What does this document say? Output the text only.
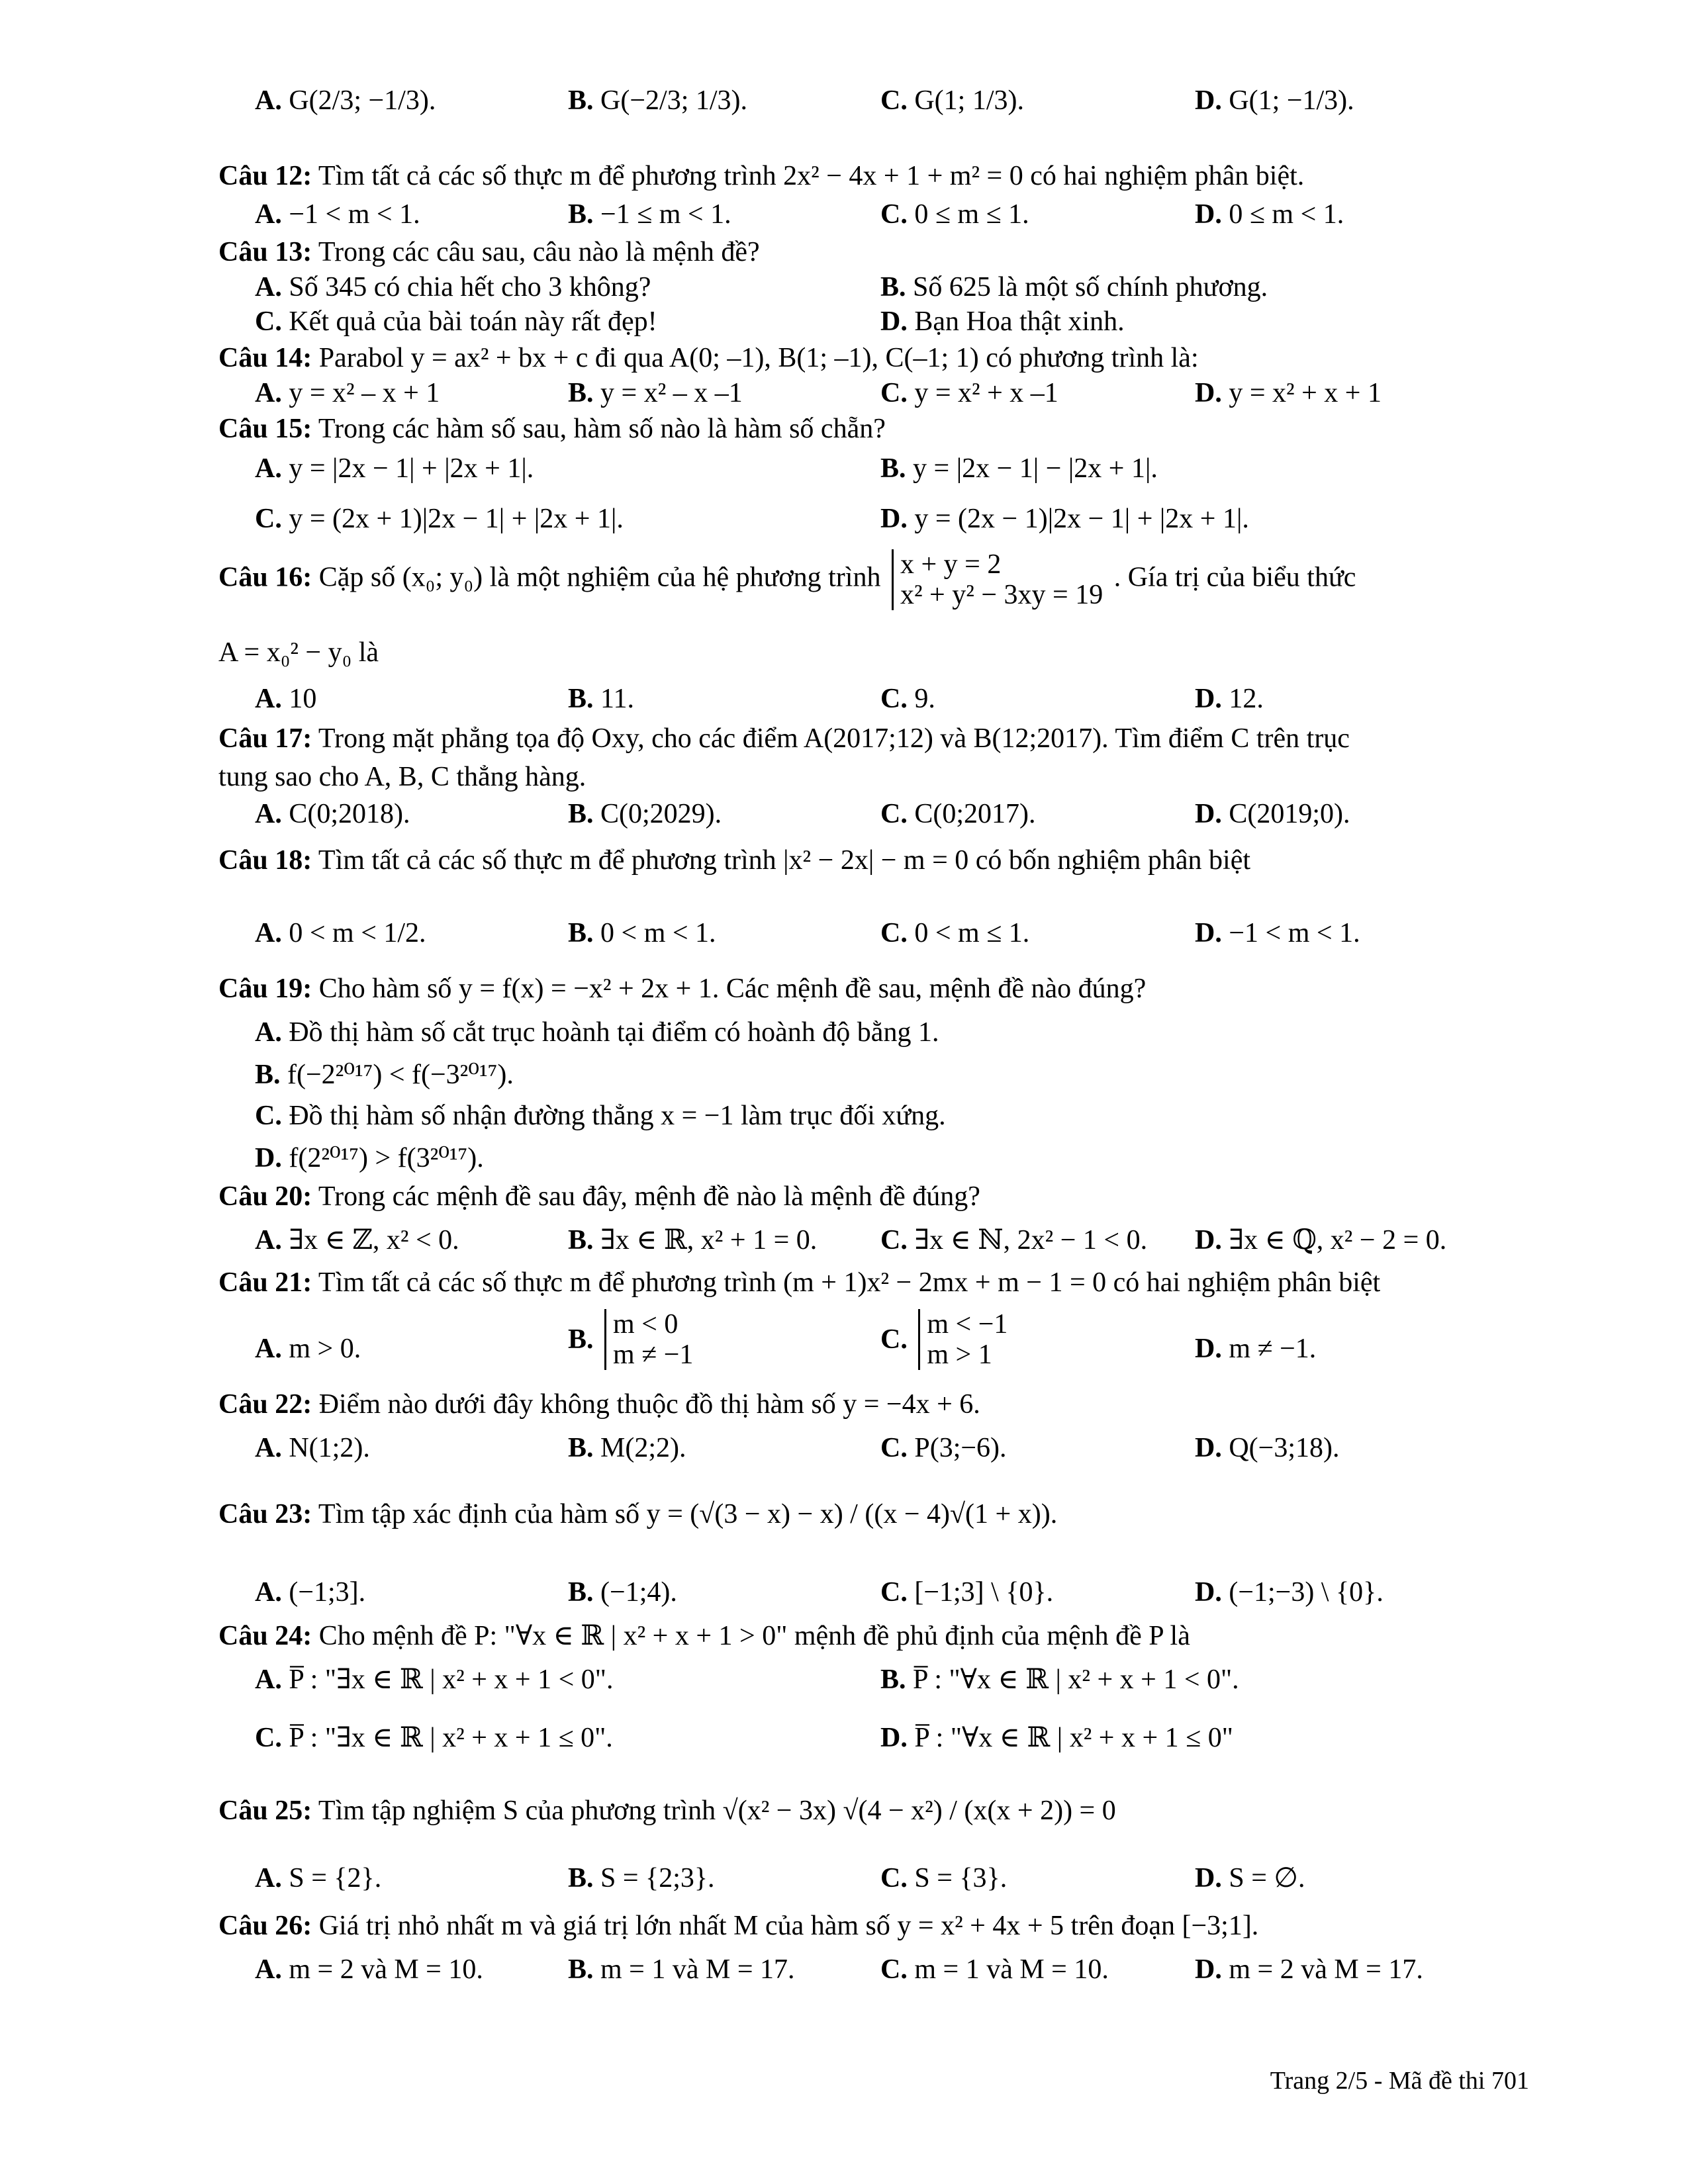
A. G(2/3; −1/3).	B. G(−2/3; 1/3).	C. G(1; 1/3).	D. G(1; −1/3).
Câu 12: Tìm tất cả các số thực m để phương trình 2x² − 4x + 1 + m² = 0 có hai nghiệm phân biệt.
A. −1 < m < 1.	B. −1 ≤ m < 1.	C. 0 ≤ m ≤ 1.	D. 0 ≤ m < 1.
Câu 13: Trong các câu sau, câu nào là mệnh đề?
A. Số 345 có chia hết cho 3 không?	B. Số 625 là một số chính phương.
C. Kết quả của bài toán này rất đẹp!	D. Bạn Hoa thật xinh.
Câu 14: Parabol y = ax² + bx + c đi qua A(0; –1), B(1; –1), C(–1; 1) có phương trình là:
A. y = x² – x + 1	B. y = x² – x –1	C. y = x² + x –1	D. y = x² + x + 1
Câu 15: Trong các hàm số sau, hàm số nào là hàm số chẵn?
A. y = |2x − 1| + |2x + 1|.	B. y = |2x − 1| − |2x + 1|.
C. y = (2x + 1)|2x − 1| + |2x + 1|.	D. y = (2x − 1)|2x − 1| + |2x + 1|.
Câu 16: Cặp số (x₀; y₀) là một nghiệm của hệ phương trình x + y = 2
x² + y² − 3xy = 19
. Gía trị của biểu thức
A = x₀² − y₀ là
A. 10	B. 11.	C. 9.	D. 12.
Câu 17: Trong mặt phẳng tọa độ Oxy, cho các điểm A(2017;12) và B(12;2017). Tìm điểm C trên trục
tung sao cho A, B, C thẳng hàng.
A. C(0;2018).	B. C(0;2029).	C. C(0;2017).	D. C(2019;0).
Câu 18: Tìm tất cả các số thực m để phương trình |x² − 2x| − m = 0 có bốn nghiệm phân biệt
A. 0 < m < 1/2.	B. 0 < m < 1.	C. 0 < m ≤ 1.	D. −1 < m < 1.
Câu 19: Cho hàm số y = f(x) = −x² + 2x + 1. Các mệnh đề sau, mệnh đề nào đúng?
A. Đồ thị hàm số cắt trục hoành tại điểm có hoành độ bằng 1.
B. f(−2²⁰¹⁷) < f(−3²⁰¹⁷).
C. Đồ thị hàm số nhận đường thẳng x = −1 làm trục đối xứng.
D. f(2²⁰¹⁷) > f(3²⁰¹⁷).
Câu 20: Trong các mệnh đề sau đây, mệnh đề nào là mệnh đề đúng?
A. ∃x ∈ ℤ, x² < 0.	B. ∃x ∈ ℝ, x² + 1 = 0. C. ∃x ∈ ℕ, 2x² − 1 < 0. D. ∃x ∈ ℚ, x² − 2 = 0.
Câu 21: Tìm tất cả các số thực m để phương trình (m + 1)x² − 2mx + m − 1 = 0 có hai nghiệm phân biệt
A. m > 0.	B. m < 0
m ≠ −1	C. m < −1
m > 1	D. m ≠ −1.
Câu 22: Điểm nào dưới đây không thuộc đồ thị hàm số y = −4x + 6.
A. N(1;2).	B. M(2;2).	C. P(3;−6).	D. Q(−3;18).
Câu 23: Tìm tập xác định của hàm số y = (√(3 − x) − x) / ((x − 4)√(1 + x)).
A. (−1;3].	B. (−1;4).	C. [−1;3] \ {0}.	D. (−1;−3) \ {0}.
Câu 24: Cho mệnh đề P: "∀x ∈ ℝ | x² + x + 1 > 0" mệnh đề phủ định của mệnh đề P là
A. P̅ : "∃x ∈ ℝ | x² + x + 1 < 0".	B. P̅ : "∀x ∈ ℝ | x² + x + 1 < 0".
C. P̅ : "∃x ∈ ℝ | x² + x + 1 ≤ 0".	D. P̅ : "∀x ∈ ℝ | x² + x + 1 ≤ 0"
Câu 25: Tìm tập nghiệm S của phương trình √(x² − 3x) √(4 − x²) / (x(x + 2)) = 0
A. S = {2}.	B. S = {2;3}.	C. S = {3}.	D. S = ∅.
Câu 26: Giá trị nhỏ nhất m và giá trị lớn nhất M của hàm số y = x² + 4x + 5 trên đoạn [−3;1].
A. m = 2 và M = 10.	B. m = 1 và M = 17.	C. m = 1 và M = 10.	D. m = 2 và M = 17.
Trang 2/5 - Mã đề thi 701
